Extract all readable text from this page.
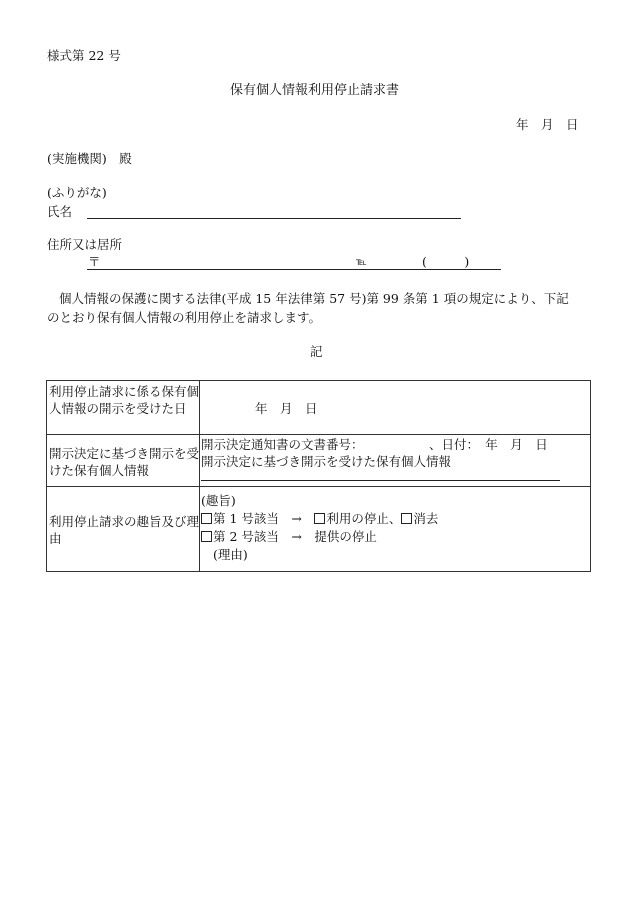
様式第 22 号
保有個人情報利用停止請求書
年　月　日
(実施機関)　殿
(ふりがな)
氏名
住所又は居所
〒	℡	(　　　)
個人情報の保護に関する法律(平成 15 年法律第 57 号)第 99 条第 1 項の規定により、下記
のとおり保有個人情報の利用停止を請求します。
記
利用停止請求に係る保有個人情報の開示を受けた日	年　月　日

開示決定に基づき開示を受けた保有個人情報	開示決定通知書の文書番号： 、日付：　年　月　日
開示決定に基づき開示を受けた保有個人情報

利用停止請求の趣旨及び理由	(趣旨)
第 1 号該当　→　利用の停止、 消去
第 2 号該当　→　提供の停止
(理由)
